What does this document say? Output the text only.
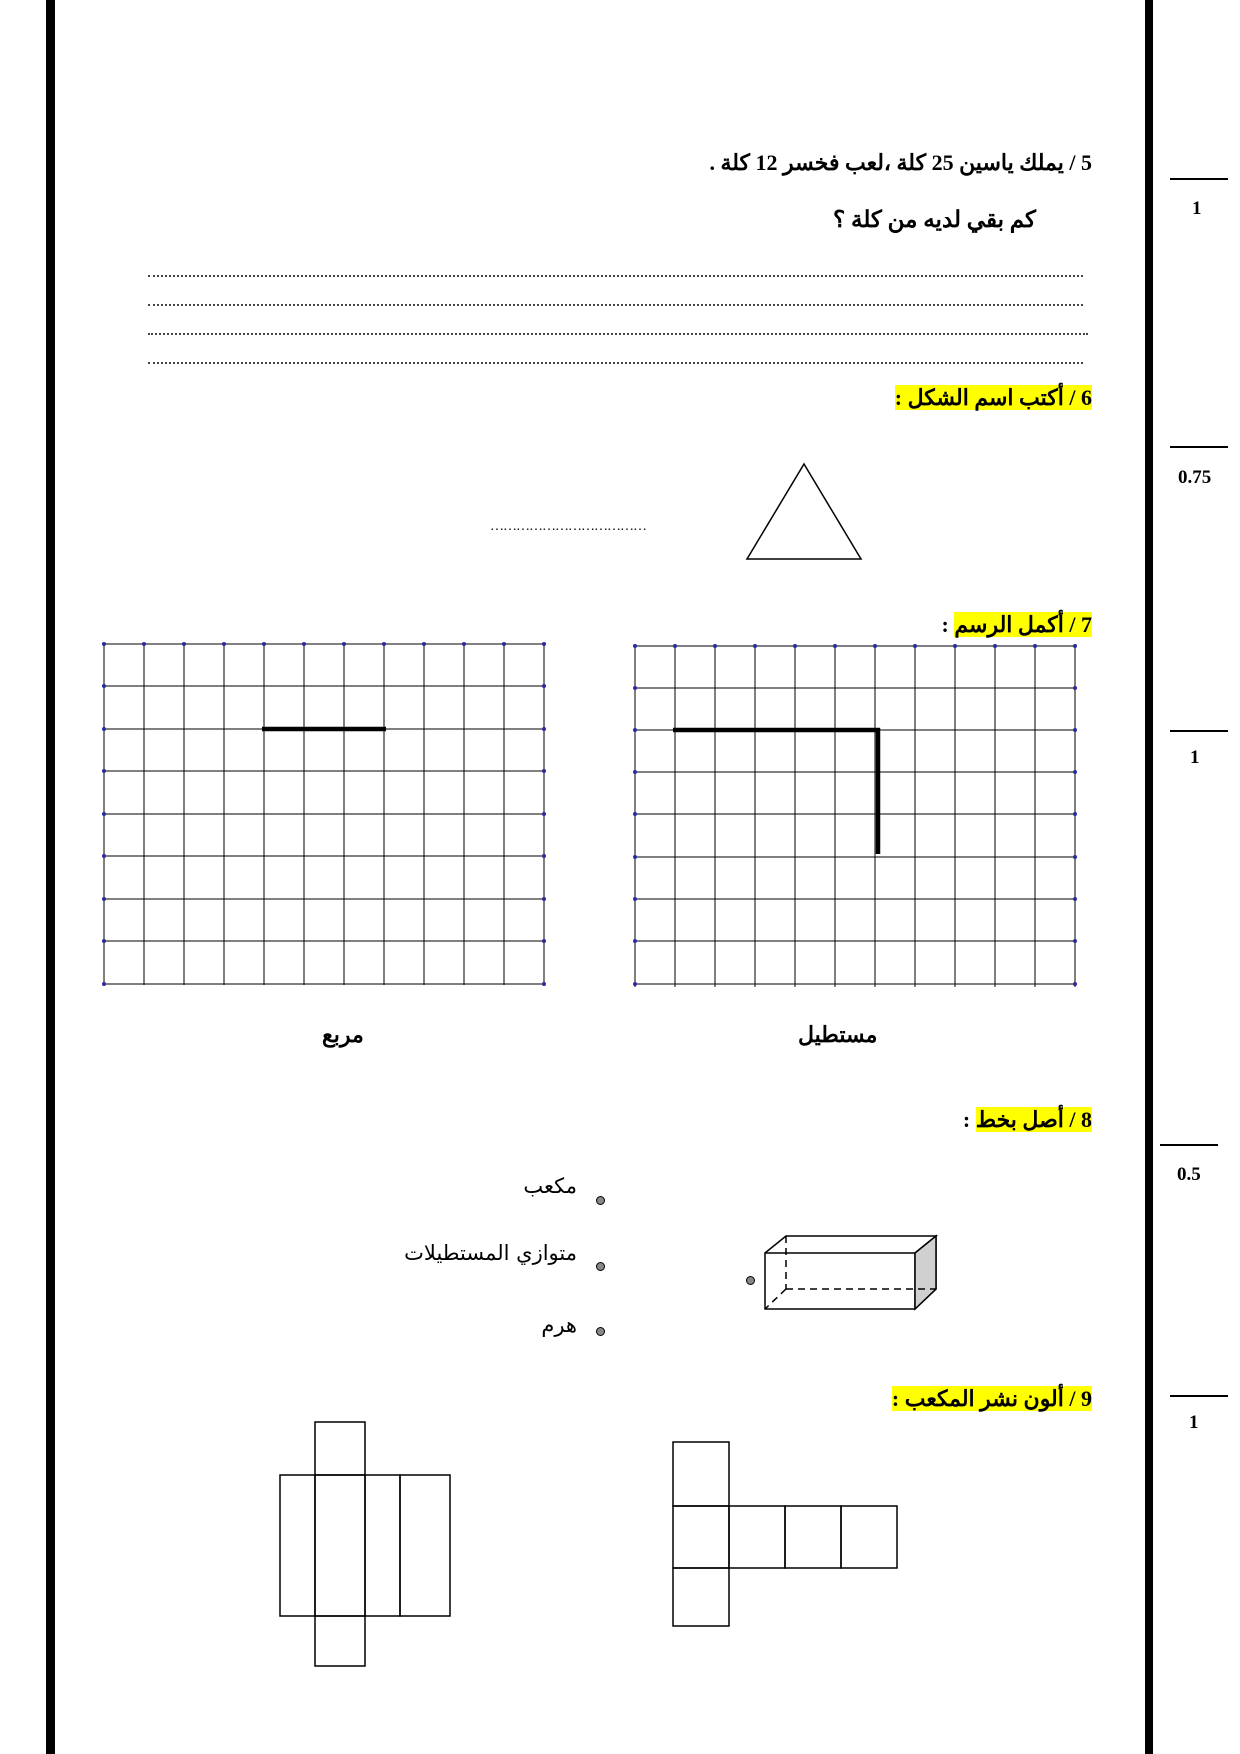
1
0.75
1
0.5
1
5 / يملك ياسين 25 كلة ،لعب فخسر 12 كلة .
كم بقي لديه من كلة ؟
6 / أكتب اسم الشكل :
………………………………
7 / أكمل الرسم :
مستطيل
مربع
8 / أصل بخط :
مكعب
متوازي المستطيلات
هرم
9 / ألون نشر المكعب :
